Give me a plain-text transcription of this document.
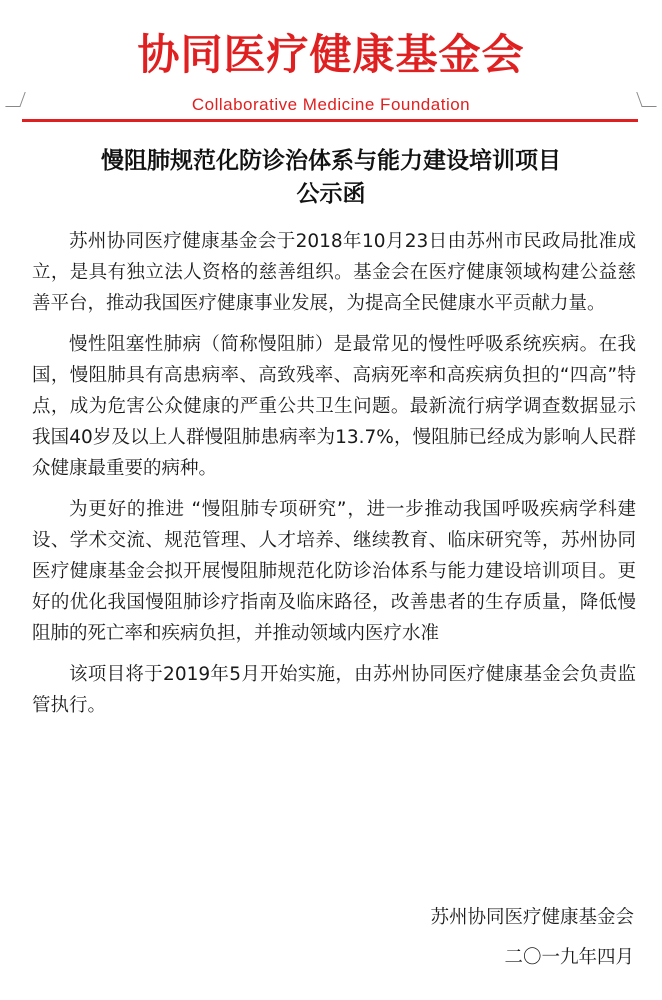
协同医疗健康基金会
Collaborative Medicine Foundation
慢阻肺规范化防诊治体系与能力建设培训项目
公示函

苏州协同医疗健康基金会于2018年10月23日由苏州市民政局批准成立，是具有独立法人资格的慈善组织。基金会在医疗健康领域构建公益慈善平台，推动我国医疗健康事业发展，为提高全民健康水平贡献力量。

慢性阻塞性肺病（简称慢阻肺）是最常见的慢性呼吸系统疾病。在我国，慢阻肺具有高患病率、高致残率、高病死率和高疾病负担的“四高”特点，成为危害公众健康的严重公共卫生问题。最新流行病学调查数据显示我国40岁及以上人群慢阻肺患病率为13.7%，慢阻肺已经成为影响人民群众健康最重要的病种。

为更好的推进 “慢阻肺专项研究”，进一步推动我国呼吸疾病学科建设、学术交流、规范管理、人才培养、继续教育、临床研究等，苏州协同医疗健康基金会拟开展慢阻肺规范化防诊治体系与能力建设培训项目。更好的优化我国慢阻肺诊疗指南及临床路径，改善患者的生存质量，降低慢阻肺的死亡率和疾病负担，并推动领域内医疗水准

该项目将于2019年5月开始实施，由苏州协同医疗健康基金会负责监管执行。

苏州协同医疗健康基金会
二〇一九年四月
